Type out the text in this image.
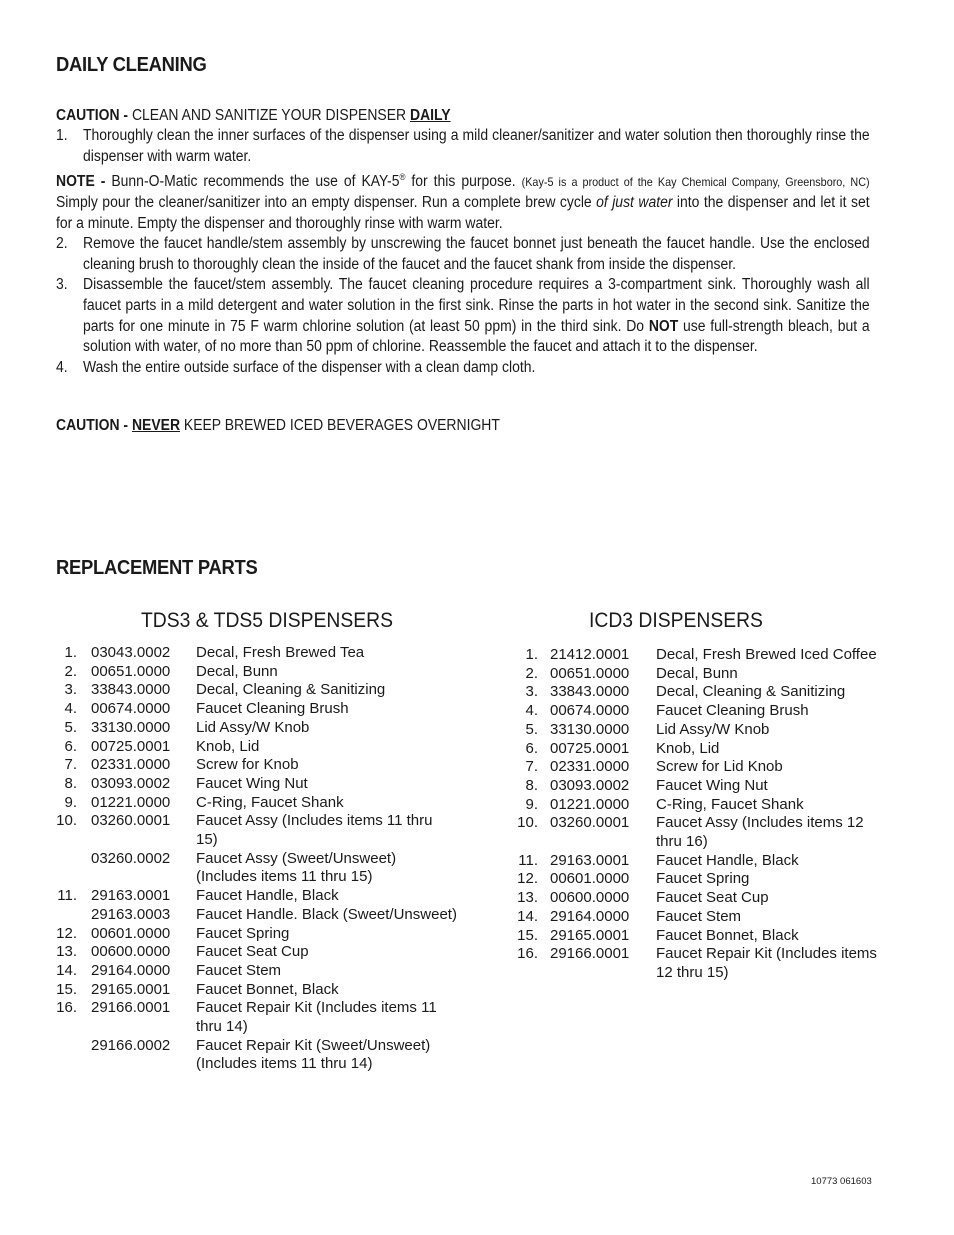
DAILY CLEANING
CAUTION - CLEAN AND SANITIZE YOUR DISPENSER DAILY
1. Thoroughly clean the inner surfaces of the dispenser using a mild cleaner/sanitizer and water solution then thoroughly rinse the dispenser with warm water.
NOTE - Bunn-O-Matic recommends the use of KAY-5® for this purpose. (Kay-5 is a product of the Kay Chemical Company, Greensboro, NC) Simply pour the cleaner/sanitizer into an empty dispenser. Run a complete brew cycle of just water into the dispenser and let it set for a minute. Empty the dispenser and thoroughly rinse with warm water.
2. Remove the faucet handle/stem assembly by unscrewing the faucet bonnet just beneath the faucet handle. Use the enclosed cleaning brush to thoroughly clean the inside of the faucet and the faucet shank from inside the dispenser.
3. Disassemble the faucet/stem assembly. The faucet cleaning procedure requires a 3-compartment sink. Thoroughly wash all faucet parts in a mild detergent and water solution in the first sink. Rinse the parts in hot water in the second sink. Sanitize the parts for one minute in 75 F warm chlorine solution (at least 50 ppm) in the third sink. Do NOT use full-strength bleach, but a solution with water, of no more than 50 ppm of chlorine. Reassemble the faucet and attach it to the dispenser.
4. Wash the entire outside surface of the dispenser with a clean damp cloth.
CAUTION - NEVER KEEP BREWED ICED BEVERAGES OVERNIGHT
REPLACEMENT PARTS
TDS3 & TDS5 DISPENSERS	ICD3 DISPENSERS
1. 03043.0002 Decal, Fresh Brewed Tea
2. 00651.0000 Decal, Bunn
3. 33843.0000 Decal, Cleaning & Sanitizing
4. 00674.0000 Faucet Cleaning Brush
5. 33130.0000 Lid Assy/W Knob
6. 00725.0001 Knob, Lid
7. 02331.0000 Screw for Knob
8. 03093.0002 Faucet Wing Nut
9. 01221.0000 C-Ring, Faucet Shank
10. 03260.0001 Faucet Assy (Includes items 11 thru
15)
03260.0002 Faucet Assy (Sweet/Unsweet)
(Includes items 11 thru 15)
11. 29163.0001 Faucet Handle, Black
29163.0003 Faucet Handle. Black (Sweet/Unsweet)
12. 00601.0000 Faucet Spring
13. 00600.0000 Faucet Seat Cup
14. 29164.0000 Faucet Stem
15. 29165.0001 Faucet Bonnet, Black
16. 29166.0001 Faucet Repair Kit (Includes items 11
thru 14)
29166.0002 Faucet Repair Kit (Sweet/Unsweet)
(Includes items 11 thru 14)
1. 21412.0001 Decal, Fresh Brewed Iced Coffee
2. 00651.0000 Decal, Bunn
3. 33843.0000 Decal, Cleaning & Sanitizing
4. 00674.0000 Faucet Cleaning Brush
5. 33130.0000 Lid Assy/W Knob
6. 00725.0001 Knob, Lid
7. 02331.0000 Screw for Lid Knob
8. 03093.0002 Faucet Wing Nut
9. 01221.0000 C-Ring, Faucet Shank
10. 03260.0001 Faucet Assy (Includes items 12
thru 16)
11. 29163.0001 Faucet Handle, Black
12. 00601.0000 Faucet Spring
13. 00600.0000 Faucet Seat Cup
14. 29164.0000 Faucet Stem
15. 29165.0001 Faucet Bonnet, Black
16. 29166.0001 Faucet Repair Kit (Includes items
12 thru 15)
10773 061603
